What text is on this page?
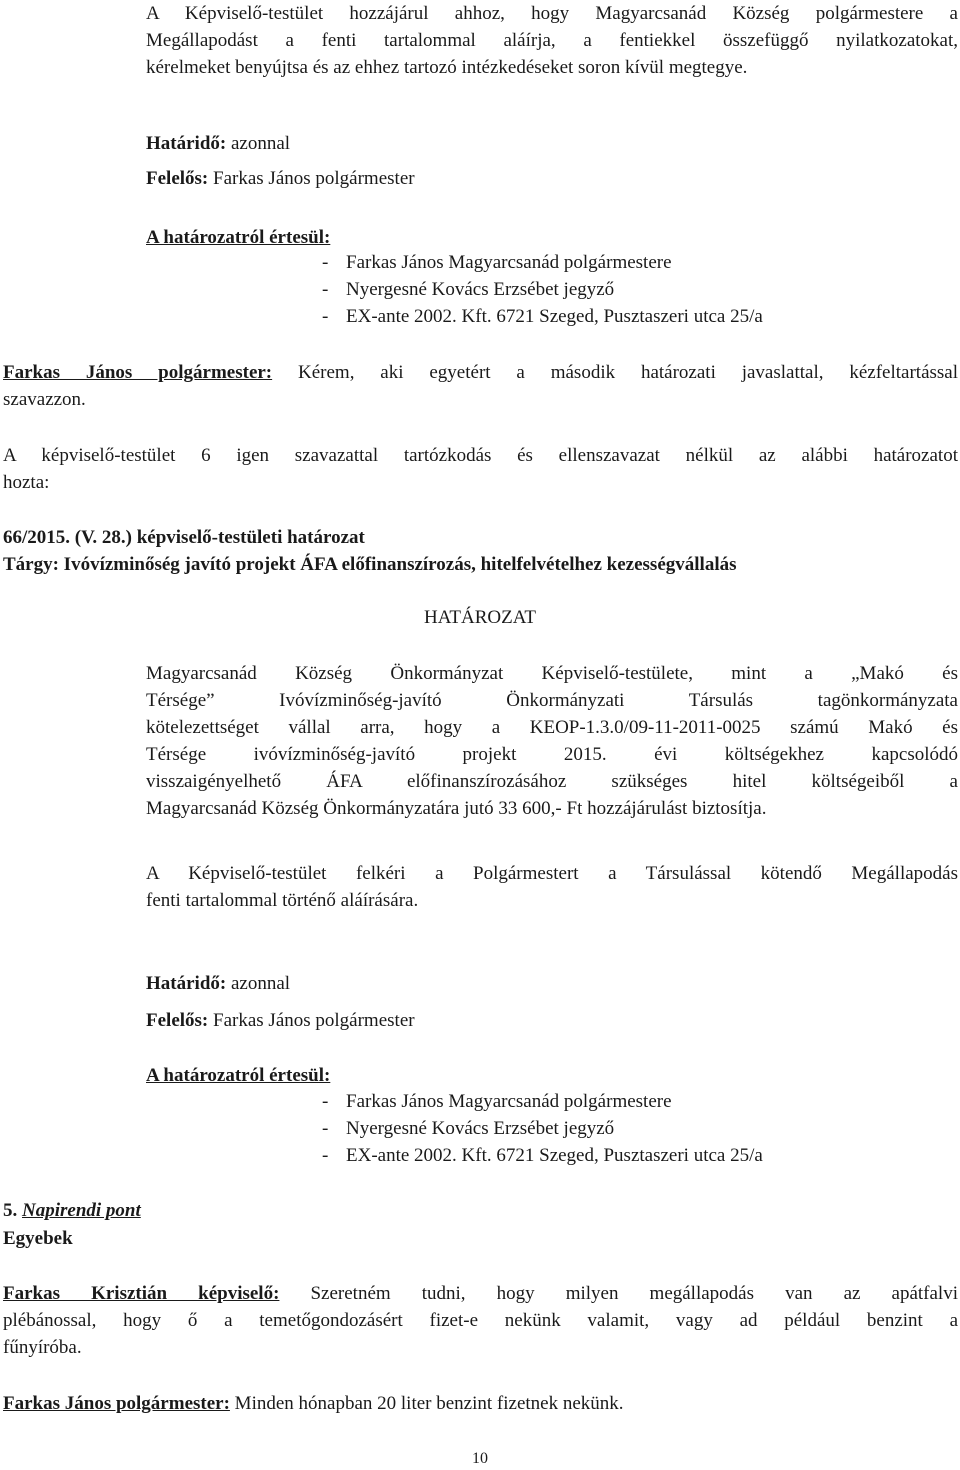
A Képviselő-testület hozzájárul ahhoz, hogy Magyarcsanád Község polgármestere a
Megállapodást a fenti tartalommal aláírja, a fentiekkel összefüggő nyilatkozatokat,
kérelmeket benyújtsa és az ehhez tartozó intézkedéseket soron kívül megtegye.
Határidő: azonnal
Felelős: Farkas János polgármester
A határozatról értesül:
- Farkas János Magyarcsanád polgármestere
- Nyergesné Kovács Erzsébet jegyző
- EX-ante 2002. Kft. 6721 Szeged, Pusztaszeri utca 25/a
Farkas János polgármester: Kérem, aki egyetért a második határozati javaslattal, kézfeltartással
szavazzon.
A képviselő-testület 6 igen szavazattal tartózkodás és ellenszavazat nélkül az alábbi határozatot
hozta:
66/2015. (V. 28.) képviselő-testületi határozat
Tárgy: Ivóvízminőség javító projekt ÁFA előfinanszírozás, hitelfelvételhez kezességvállalás
HATÁROZAT
Magyarcsanád Község Önkormányzat Képviselő-testülete, mint a „Makó és
Térsége” Ivóvízminőség-javító Önkormányzati Társulás tagönkormányzata
kötelezettséget vállal arra, hogy a KEOP-1.3.0/09-11-2011-0025 számú Makó és
Térsége ivóvízminőség-javító projekt 2015. évi költségekhez kapcsolódó
visszaigényelhető ÁFA előfinanszírozásához szükséges hitel költségeiből a
Magyarcsanád Község Önkormányzatára jutó 33 600,- Ft hozzájárulást biztosítja.
A Képviselő-testület felkéri a Polgármestert a Társulással kötendő Megállapodás
fenti tartalommal történő aláírására.
Határidő: azonnal
Felelős: Farkas János polgármester
A határozatról értesül:
- Farkas János Magyarcsanád polgármestere
- Nyergesné Kovács Erzsébet jegyző
- EX-ante 2002. Kft. 6721 Szeged, Pusztaszeri utca 25/a
5. Napirendi pont
Egyebek
Farkas Krisztián képviselő: Szeretném tudni, hogy milyen megállapodás van az apátfalvi
plébánossal, hogy ő a temetőgondozásért fizet-e nekünk valamit, vagy ad például benzint a
fűnyíróba.
Farkas János polgármester: Minden hónapban 20 liter benzint fizetnek nekünk.
10
